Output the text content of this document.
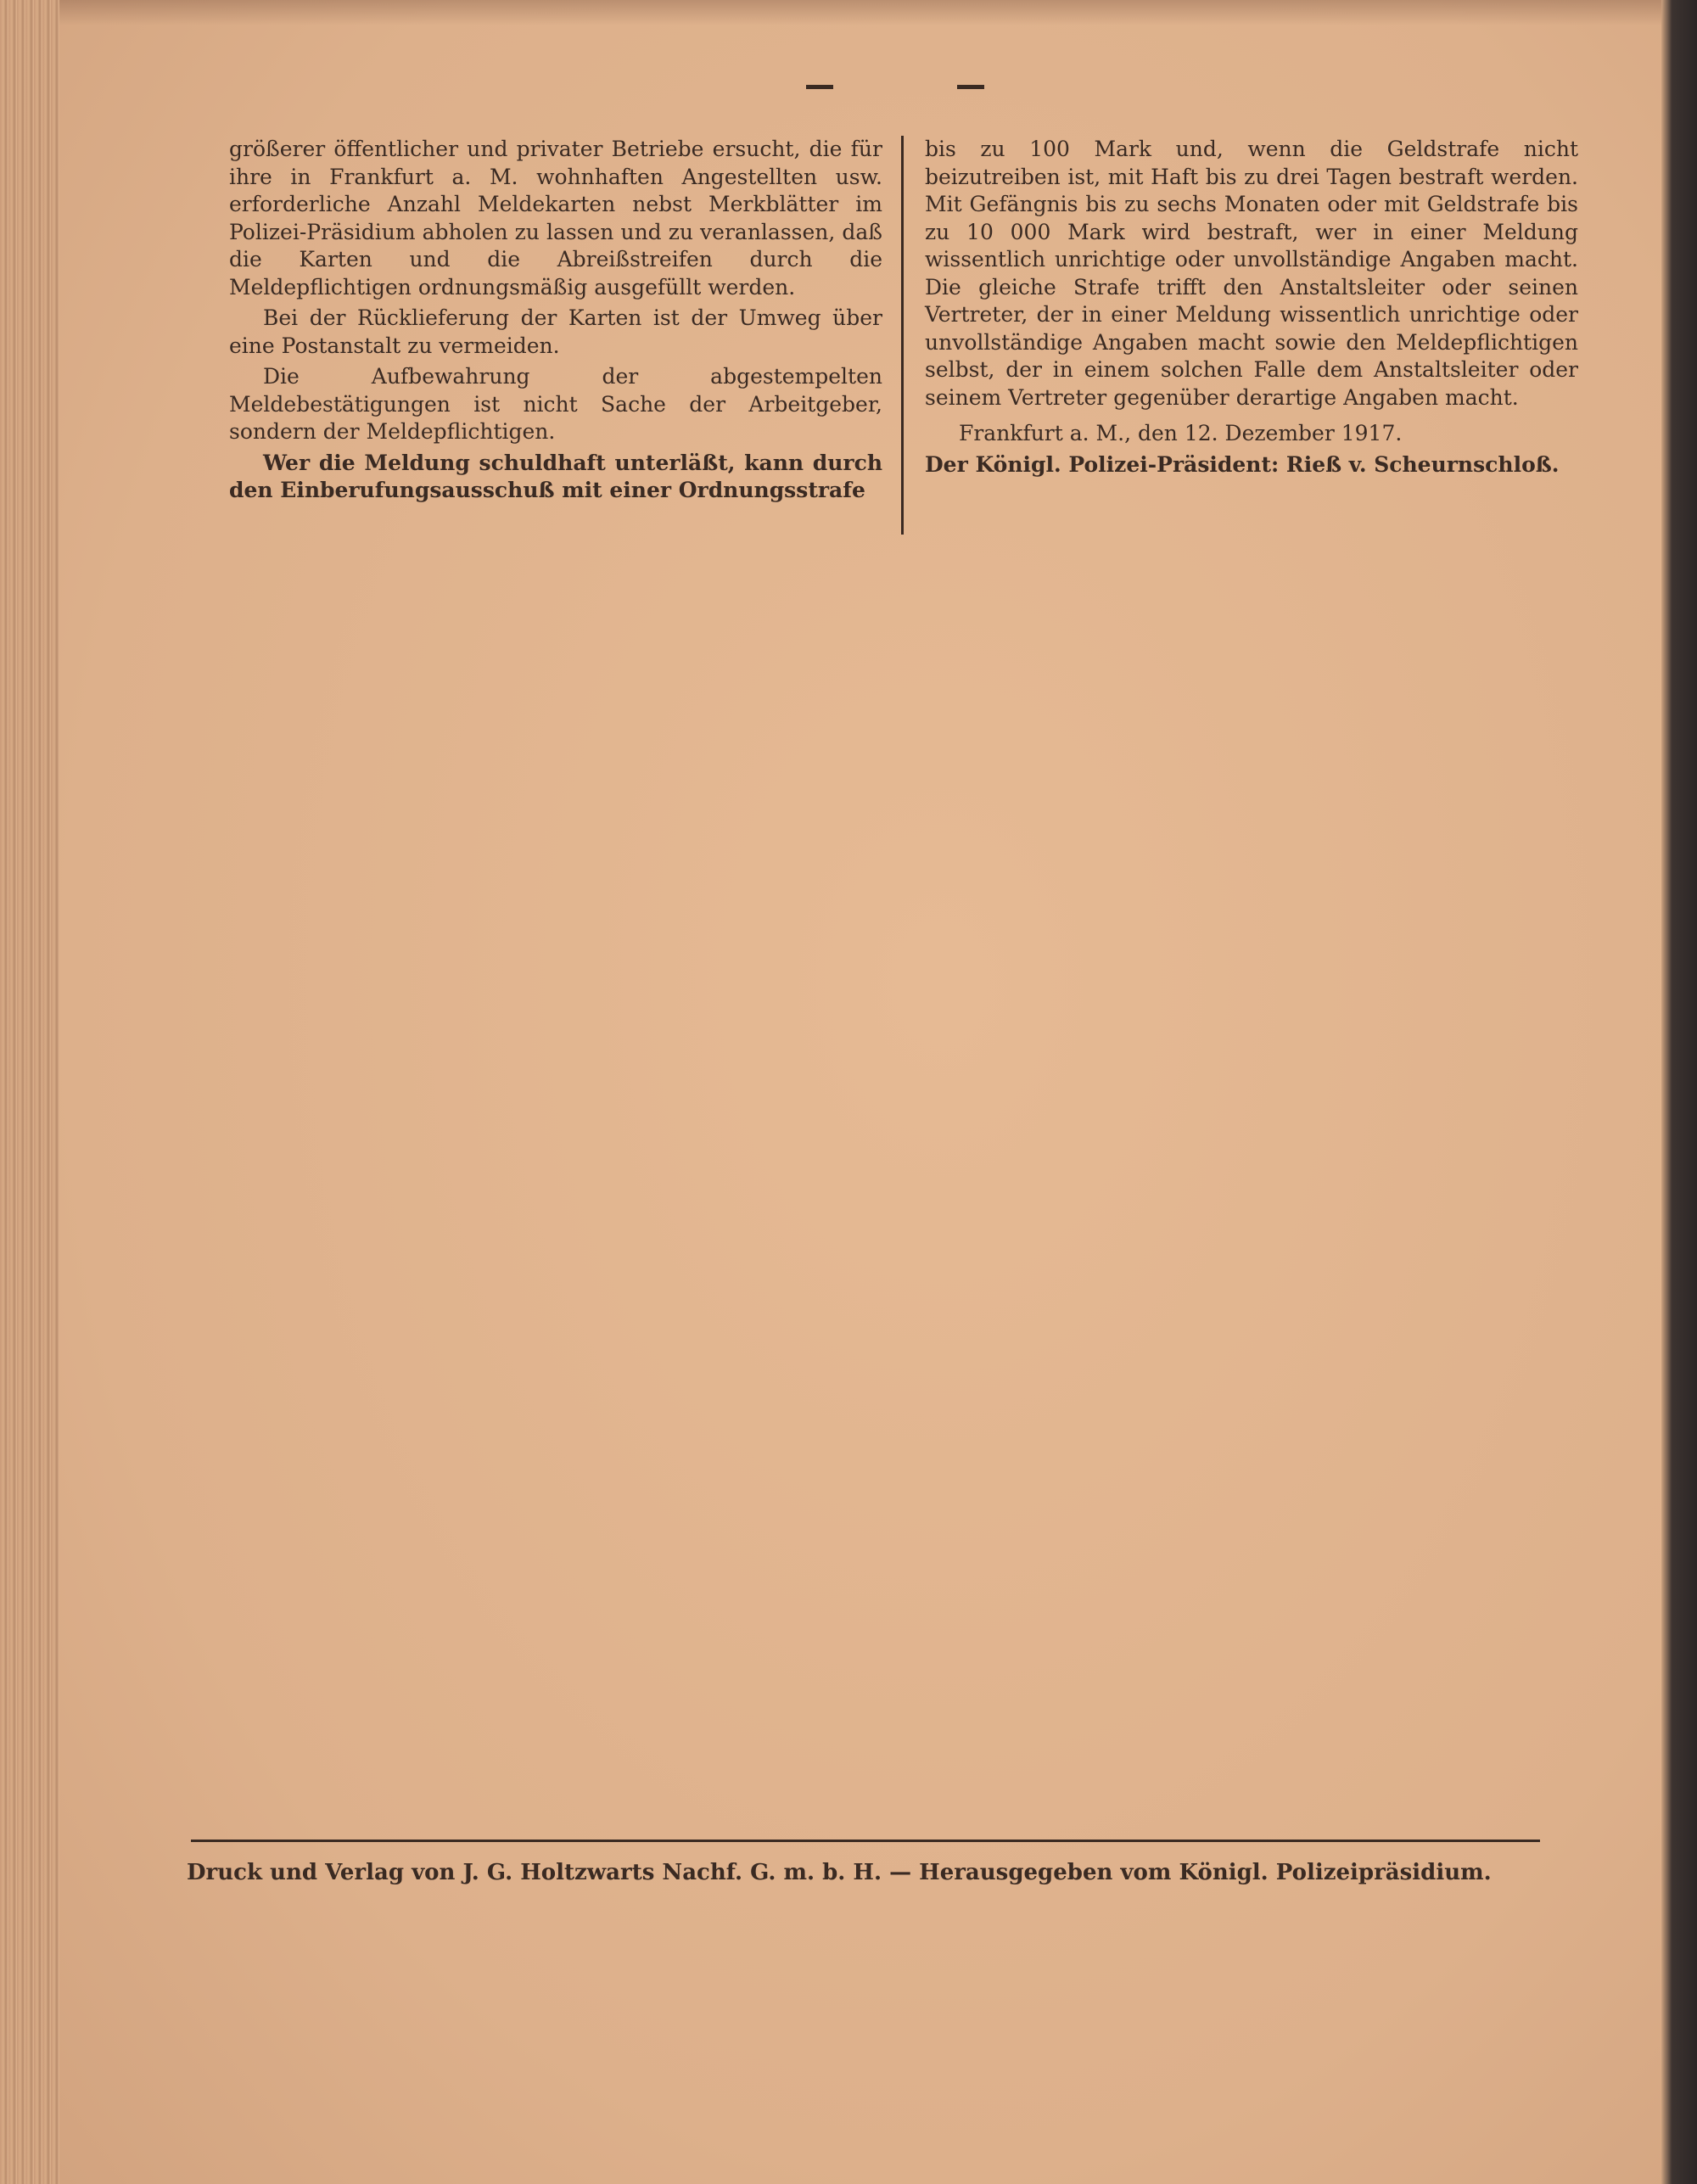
größerer öffentlicher und privater Betriebe ersucht, die für ihre in Frankfurt a. M. wohnhaften Angestellten usw. erforderliche Anzahl Meldekarten nebst Merkblätter im Polizei-Präsidium abholen zu lassen und zu veranlassen, daß die Karten und die Abreißstreifen durch die Meldepflichtigen ordnungsmäßig ausgefüllt werden.

Bei der Rücklieferung der Karten ist der Umweg über eine Postanstalt zu vermeiden.

Die Aufbewahrung der abgestempelten Meldebestätigungen ist nicht Sache der Arbeitgeber, sondern der Meldepflichtigen.

Wer die Meldung schuldhaft unterläßt, kann durch den Einberufungsausschuß mit einer Ordnungsstrafe

bis zu 100 Mark und, wenn die Geldstrafe nicht beizutreiben ist, mit Haft bis zu drei Tagen bestraft werden. Mit Gefängnis bis zu sechs Monaten oder mit Geldstrafe bis zu 10 000 Mark wird bestraft, wer in einer Meldung wissentlich unrichtige oder unvollständige Angaben macht. Die gleiche Strafe trifft den Anstaltsleiter oder seinen Vertreter, der in einer Meldung wissentlich unrichtige oder unvollständige Angaben macht sowie den Meldepflichtigen selbst, der in einem solchen Falle dem Anstaltsleiter oder seinem Vertreter gegenüber derartige Angaben macht.

Frankfurt a. M., den 12. Dezember 1917.

Der Königl. Polizei-Präsident: Rieß v. Scheurnschloß.

Druck und Verlag von J. G. Holtzwarts Nachf. G. m. b. H. — Herausgegeben vom Königl. Polizeipräsidium.
